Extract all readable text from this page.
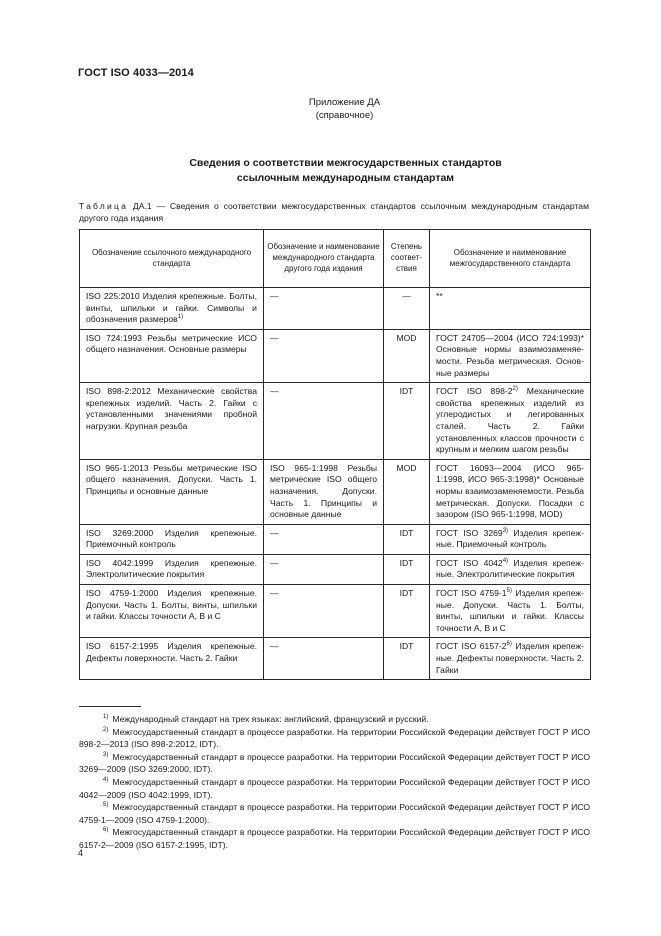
ГОСТ ISO 4033—2014
Приложение ДА
(справочное)
Сведения о соответствии межгосударственных стандартов
ссылочным международным стандартам
Таблица ДА.1 — Сведения о соответствии межгосударственных стандартов ссылочным международным стандартам другого года издания
Обозначение ссылочного международного стандарта	Обозначение и наименование международного стандарта другого года издания	Степень соответствия	Обозначение и наименование межгосударственного стандарта
ISO 225:2010 Изделия крепежные. Болты, винты, шпильки и гайки. Символы и обозначения размеров$^{1)}$	—	—	**
ISO 724:1993 Резьбы метрические ИСО общего назначения. Основные размеры	—	MOD	ГОСТ 24705—2004 (ИСО 724:1993)* Основные нормы взаимозаменяемости. Резьба метрическая. Основные размеры
ISO 898-2:2012 Механические свойства крепежных изделий. Часть 2. Гайки с установленными значениями пробной нагрузки. Крупная резьба	—	IDT	ГОСТ ISO 898-2$^{2)}$ Механические свойства крепежных изделий из углеродистых и легированных сталей. Часть 2. Гайки установленных классов прочности с крупным и мелким шагом резьбы
ISO 965-1:2013 Резьбы метрические ISO общего назначения. Допуски. Часть 1. Принципы и основные данные	ISO 965-1:1998 Резьбы метрические ISO общего назначения. Допуски. Часть 1. Принципы и основные данные	MOD	ГОСТ 16093—2004 (ИСО 965-1:1998, ИСО 965-3:1998)* Основные нормы взаимозаменяемости. Резьба метрическая. Допуски. Посадки с зазором (ISO 965-1:1998, MOD)
ISO 3269:2000 Изделия крепежные. Приемочный контроль	—	IDT	ГОСТ ISO 3269$^{3)}$ Изделия крепежные. Приемочный контроль
ISO 4042:1999 Изделия крепежные. Электролитические покрытия	—	IDT	ГОСТ ISO 4042$^{4)}$ Изделия крепежные. Электролитические покрытия
ISO 4759-1:2000 Изделия крепежные. Допуски. Часть 1. Болты, винты, шпильки и гайки. Классы точности А, В и С	—	IDT	ГОСТ ISO 4759-1$^{5)}$ Изделия крепежные. Допуски. Часть 1. Болты, винты, шпильки и гайки. Классы точности А, В и С
ISO 6157-2:1995 Изделия крепежные. Дефекты поверхности. Часть 2. Гайки	—	IDT	ГОСТ ISO 6157-2$^{6)}$ Изделия крепежные. Дефекты поверхности. Часть 2. Гайки
$^{1)}$ Международный стандарт на трех языках: английский, французский и русский.
$^{2)}$ Межгосударственный стандарт в процессе разработки. На территории Российской Федерации действует ГОСТ Р ИСО 898-2—2013 (ISO 898-2:2012, IDT).
$^{3)}$ Межгосударственный стандарт в процессе разработки. На территории Российской Федерации действует ГОСТ Р ИСО 3269—2009 (ISO 3269:2000, IDT).
$^{4)}$ Межгосударственный стандарт в процессе разработки. На территории Российской Федерации действует ГОСТ Р ИСО 4042—2009 (ISO 4042:1999, IDT).
$^{5)}$ Межгосударственный стандарт в процессе разработки. На территории Российской Федерации действует ГОСТ Р ИСО 4759-1—2009 (ISO 4759-1:2000).
$^{6)}$ Межгосударственный стандарт в процессе разработки. На территории Российской Федерации действует ГОСТ Р ИСО 6157-2—2009 (ISO 6157-2:1995, IDT).
4
